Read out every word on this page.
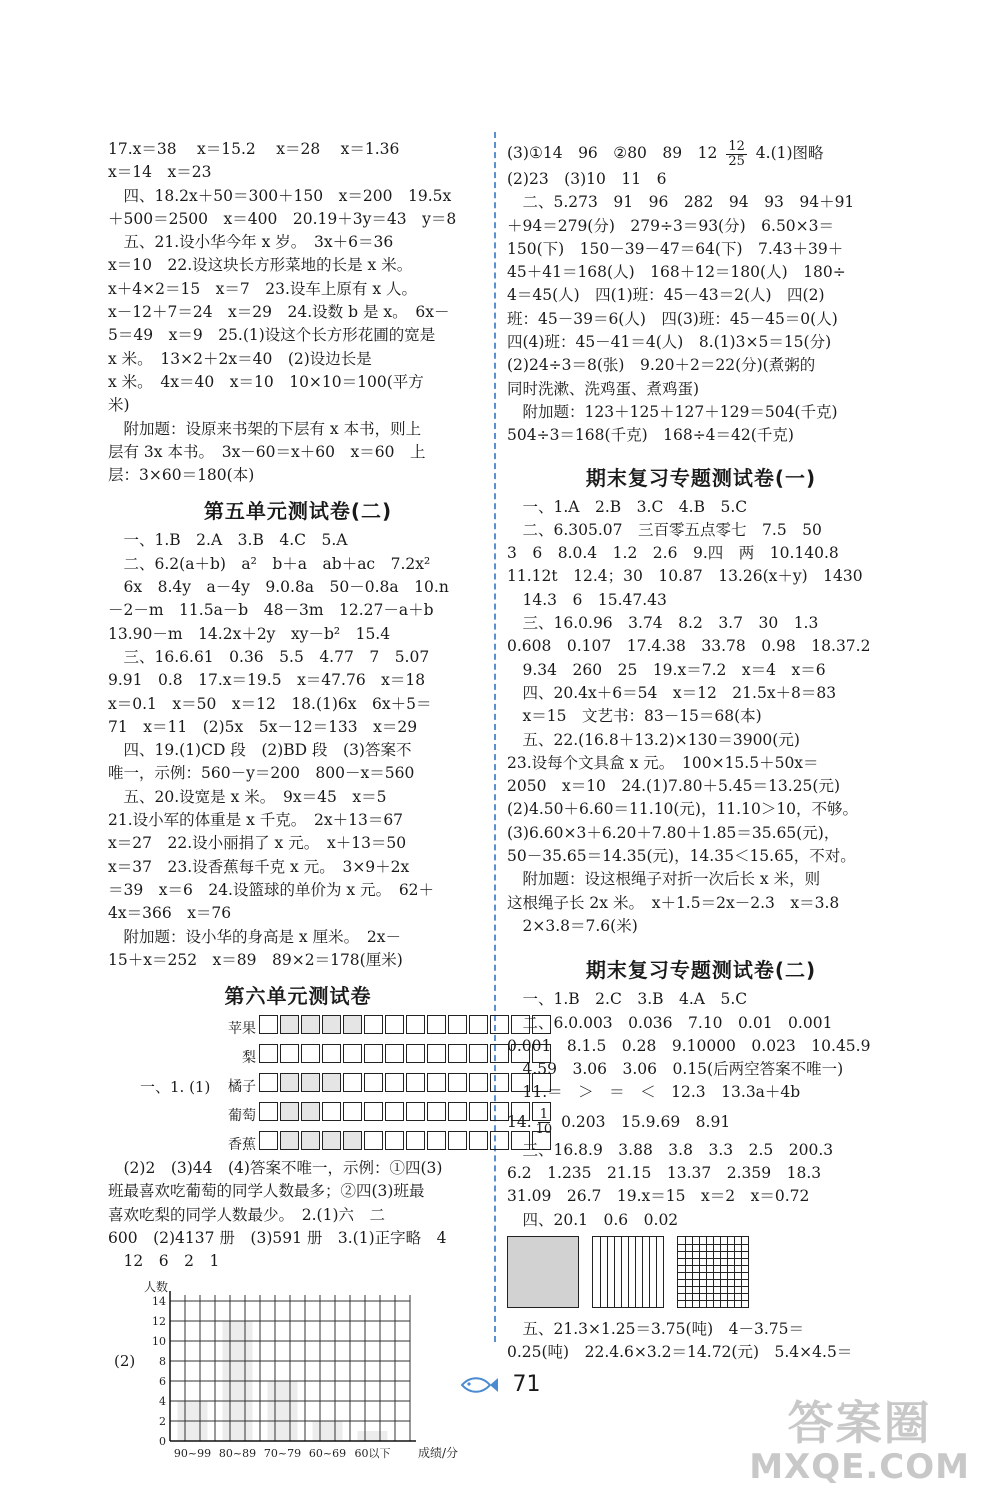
17.x＝38　 x＝15.2　 x＝28　 x＝1.36
x＝14　x＝23
　四、18.2x＋50＝300＋150　x＝200　19.5x
＋500＝2500　x＝400　20.19＋3y＝43　y＝8
　五、21.设小华今年 x 岁。　3x＋6＝36
x＝10　22.设这块长方形菜地的长是 x 米。
x＋4×2＝15　x＝7　23.设车上原有 x 人。
x－12＋7＝24　x＝29　24.设数 b 是 x。　6x－
5＝49　x＝9　25.(1)设这个长方形花圃的宽是
x 米。　13×2＋2x＝40　(2)设边长是
x 米。　4x＝40　x＝10　10×10＝100(平方
米)
　附加题：设原来书架的下层有 x 本书，则上
层有 3x 本书。　3x－60＝x＋60　x＝60　上
层：3×60＝180(本)
第五单元测试卷(二)
　一、1.B　2.A　3.B　4.C　5.A
　二、6.2(a＋b)　a²　b＋a　ab＋ac　7.2x²
　6x　8.4y　a－4y　9.0.8a　50－0.8a　10.n
－2－m　11.5a－b　48－3m　12.27－a＋b
13.90－m　14.2x＋2y　xy－b²　15.4
　三、16.6.61　0.36　5.5　4.77　7　5.07
9.91　0.8　17.x＝19.5　x＝47.76　x＝18
x＝0.1　x＝50　x＝12　18.(1)6x　6x＋5＝
71　x＝11　(2)5x　5x－12＝133　x＝29
　四、19.(1)CD 段　(2)BD 段　(3)答案不
唯一，示例：560－y＝200　800－x＝560
　五、20.设宽是 x 米。　9x＝45　x＝5
21.设小军的体重是 x 千克。　2x＋13＝67
x＝27　22.设小丽捐了 x 元。　x＋13＝50
x＝37　23.设香蕉每千克 x 元。　3×9＋2x
＝39　x＝6　24.设篮球的单价为 x 元。　62＋
4x＝366　x＝76
　附加题：设小华的身高是 x 厘米。　2x－
15＋x＝252　x＝89　89×2＝178(厘米)
第六单元测试卷
苹果
梨
一、1. (1) 橘子
葡萄
香蕉
　(2)2　(3)44　(4)答案不唯一，示例：①四(3)
班最喜欢吃葡萄的同学人数最多；②四(3)班最
喜欢吃梨的同学人数最少。　2.(1)六　二
600　(2)4137 册　(3)591 册　3.(1)正字略　4
　12　6　2　1
(2)
0
2
4
6
8
10
12
14
人数
90~99 80~89 70~79 60~69 60以下 成绩/分
(3)①14　96　②80　89　$12 \frac{12}{25} 4.(1)$图略
(2)23　(3)10　11　6
　二、5.273　91　96　282　94　93　94＋91
＋94＝279(分)　279÷3＝93(分)　6.50×3＝
150(下)　150－39－47＝64(下)　7.43＋39＋
45＋41＝168(人)　168＋12＝180(人)　180÷
4＝45(人)　四(1)班：45－43＝2(人)　四(2)
班：45－39＝6(人)　四(3)班：45－45＝0(人)
四(4)班：45－41＝4(人)　8.(1)3×5＝15(分)
(2)24÷3＝8(张)　9.20＋2＝22(分)(煮粥的
同时洗漱、洗鸡蛋、煮鸡蛋)
　附加题：123＋125＋127＋129＝504(千克)
504÷3＝168(千克)　168÷4＝42(千克)
期末复习专题测试卷(一)
　一、1.A　2.B　3.C　4.B　5.C
　二、6.305.07　三百零五点零七　7.5　50
3　6　8.0.4　1.2　2.6　9.四　两　10.140.8
11.12t　12.4；30　10.87　13.26(x＋y)　1430
　14.3　6　15.47.43
　三、16.0.96　3.74　8.2　3.7　30　1.3
0.608　0.107　17.4.38　33.78　0.98　18.37.2
　9.34　260　25　19.x＝7.2　x＝4　x＝6
　四、20.4x＋6＝54　x＝12　21.5x＋8＝83
　x＝15　文艺书：83－15＝68(本)
　五、22.(16.8＋13.2)×130＝3900(元)
23.设每个文具盒 x 元。　100×15.5＋50x＝
2050　x＝10　24.(1)7.80＋5.45＝13.25(元)
(2)4.50＋6.60＝11.10(元)，11.10＞10，不够。
(3)6.60×3＋6.20＋7.80＋1.85＝35.65(元)，
50－35.65＝14.35(元)，14.35＜15.65，不对。
　附加题：设这根绳子对折一次后长 x 米，则
这根绳子长 2x 米。　x＋1.5＝2x－2.3　x＝3.8
　2×3.8＝7.6(米)
期末复习专题测试卷(二)
　一、1.B　2.C　3.B　4.A　5.C
　二、6.0.003　0.036　7.10　0.01　0.001
0.001　8.1.5　0.28　9.10000　0.023　10.45.9
　4.59　3.06　3.06　0.15(后两空答案不唯一)
　11.＝　＞　＝　＜　12.3　13.3a＋4b
14. $\frac{1}{10} 0.203$　15.9.69　8.91
　三、16.8.9　3.88　3.8　3.3　2.5　200.3
6.2　1.235　21.15　13.37　2.359　18.3
31.09　26.7　19.x＝15　x＝2　x＝0.72
　四、20.1　0.6　0.02

　五、21.3×1.25＝3.75(吨)　4－3.75＝
0.25(吨)　22.4.6×3.2＝14.72(元)　5.4×4.5＝
71
答案圈
MXQE.COM
